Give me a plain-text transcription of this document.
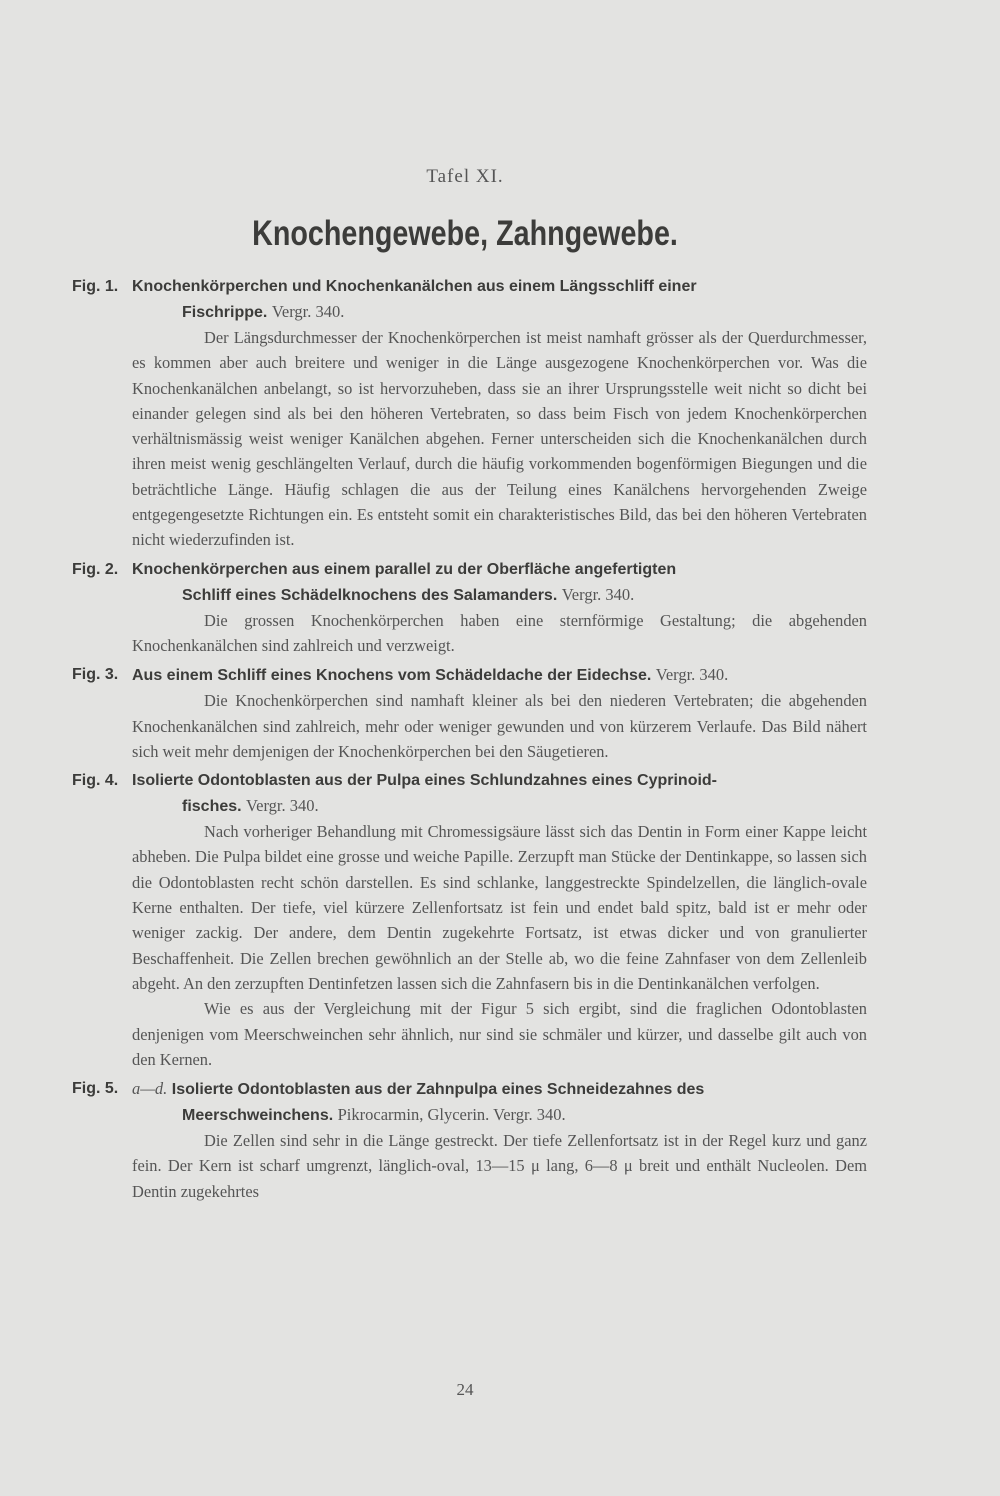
Tafel XI.
Knochengewebe, Zahngewebe.
Fig. 1. Knochenkörperchen und Knochenkanälchen aus einem Längsschliff einer
Fischrippe. Vergr. 340.

Der Längsdurchmesser der Knochenkörperchen ist meist namhaft grösser als der Querdurchmesser, es kommen aber auch breitere und weniger in die Länge ausgezogene Knochenkörperchen vor. Was die Knochenkanälchen anbelangt, so ist hervorzuheben, dass sie an ihrer Ursprungsstelle weit nicht so dicht bei einander gelegen sind als bei den höheren Vertebraten, so dass beim Fisch von jedem Knochenkörperchen verhältnismässig weist weniger Kanälchen abgehen. Ferner unterscheiden sich die Knochenkanälchen durch ihren meist wenig geschlängelten Verlauf, durch die häufig vorkommenden bogenförmigen Biegungen und die beträchtliche Länge. Häufig schlagen die aus der Teilung eines Kanälchens hervorgehenden Zweige entgegengesetzte Richtungen ein. Es entsteht somit ein charakteristisches Bild, das bei den höheren Vertebraten nicht wiederzufinden ist.

Fig. 2. Knochenkörperchen aus einem parallel zu der Oberfläche angefertigten
Schliff eines Schädelknochens des Salamanders. Vergr. 340.

Die grossen Knochenkörperchen haben eine sternförmige Gestaltung; die abgehenden Knochenkanälchen sind zahlreich und verzweigt.

Fig. 3. Aus einem Schliff eines Knochens vom Schädeldache der Eidechse. Vergr. 340.

Die Knochenkörperchen sind namhaft kleiner als bei den niederen Vertebraten; die abgehenden Knochenkanälchen sind zahlreich, mehr oder weniger gewunden und von kürzerem Verlaufe. Das Bild nähert sich weit mehr demjenigen der Knochenkörperchen bei den Säugetieren.

Fig. 4. Isolierte Odontoblasten aus der Pulpa eines Schlundzahnes eines Cyprinoid-
fisches. Vergr. 340.

Nach vorheriger Behandlung mit Chromessigsäure lässt sich das Dentin in Form einer Kappe leicht abheben. Die Pulpa bildet eine grosse und weiche Papille. Zerzupft man Stücke der Dentinkappe, so lassen sich die Odontoblasten recht schön darstellen. Es sind schlanke, langgestreckte Spindelzellen, die länglich-ovale Kerne enthalten. Der tiefe, viel kürzere Zellenfortsatz ist fein und endet bald spitz, bald ist er mehr oder weniger zackig. Der andere, dem Dentin zugekehrte Fortsatz, ist etwas dicker und von granulierter Beschaffenheit. Die Zellen brechen gewöhnlich an der Stelle ab, wo die feine Zahnfaser von dem Zellenleib abgeht. An den zerzupften Dentinfetzen lassen sich die Zahnfasern bis in die Dentinkanälchen verfolgen.

Wie es aus der Vergleichung mit der Figur 5 sich ergibt, sind die fraglichen Odontoblasten denjenigen vom Meerschweinchen sehr ähnlich, nur sind sie schmäler und kürzer, und dasselbe gilt auch von den Kernen.

Fig. 5. a—d. Isolierte Odontoblasten aus der Zahnpulpa eines Schneidezahnes des
Meerschweinchens. Pikrocarmin, Glycerin. Vergr. 340.

Die Zellen sind sehr in die Länge gestreckt. Der tiefe Zellenfortsatz ist in der Regel kurz und ganz fein. Der Kern ist scharf umgrenzt, länglich-oval, 13—15 μ lang, 6—8 μ breit und enthält Nucleolen. Dem Dentin zugekehrtes

24
